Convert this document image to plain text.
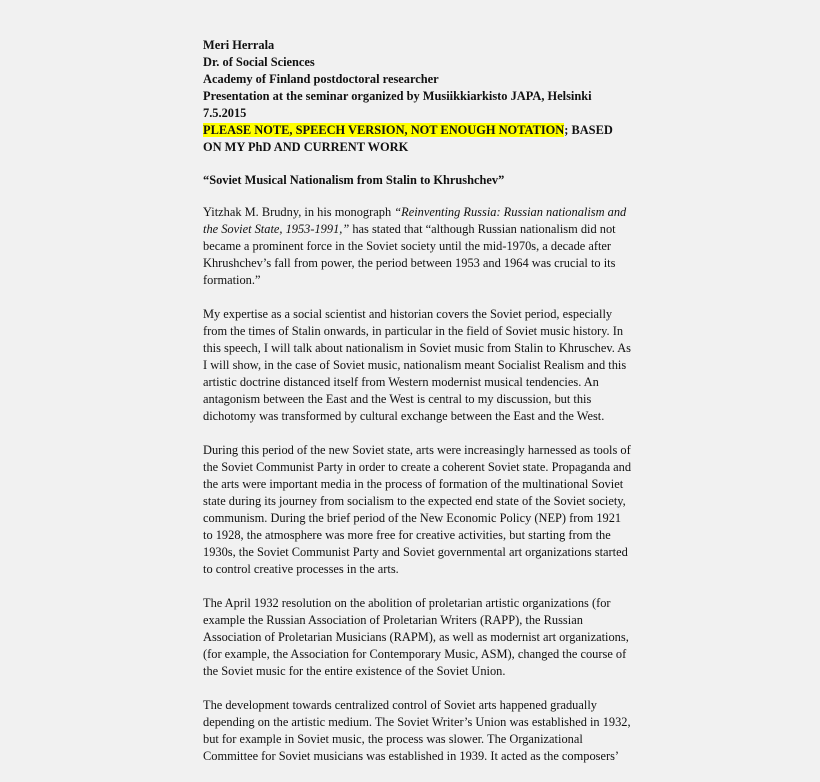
Meri Herrala
Dr. of Social Sciences
Academy of Finland postdoctoral researcher
Presentation at the seminar organized by Musiikkiarkisto JAPA, Helsinki
7.5.2015
PLEASE NOTE, SPEECH VERSION, NOT ENOUGH NOTATION; BASED
ON MY PhD AND CURRENT WORK
“Soviet Musical Nationalism from Stalin to Khrushchev”

Yitzhak M. Brudny, in his monograph “Reinventing Russia: Russian nationalism and
the Soviet State, 1953-1991,” has stated that “although Russian nationalism did not
became a prominent force in the Soviet society until the mid-1970s, a decade after
Khrushchev’s fall from power, the period between 1953 and 1964 was crucial to its
formation.”

My expertise as a social scientist and historian covers the Soviet period, especially
from the times of Stalin onwards, in particular in the field of Soviet music history. In
this speech, I will talk about nationalism in Soviet music from Stalin to Khruschev. As
I will show, in the case of Soviet music, nationalism meant Socialist Realism and this
artistic doctrine distanced itself from Western modernist musical tendencies. An
antagonism between the East and the West is central to my discussion, but this
dichotomy was transformed by cultural exchange between the East and the West.

During this period of the new Soviet state, arts were increasingly harnessed as tools of
the Soviet Communist Party in order to create a coherent Soviet state. Propaganda and
the arts were important media in the process of formation of the multinational Soviet
state during its journey from socialism to the expected end state of the Soviet society,
communism. During the brief period of the New Economic Policy (NEP) from 1921
to 1928, the atmosphere was more free for creative activities, but starting from the
1930s, the Soviet Communist Party and Soviet governmental art organizations started
to control creative processes in the arts.

The April 1932 resolution on the abolition of proletarian artistic organizations (for
example the Russian Association of Proletarian Writers (RAPP), the Russian
Association of Proletarian Musicians (RAPM), as well as modernist art organizations,
(for example, the Association for Contemporary Music, ASM), changed the course of
the Soviet music for the entire existence of the Soviet Union.

The development towards centralized control of Soviet arts happened gradually
depending on the artistic medium. The Soviet Writer’s Union was established in 1932,
but for example in Soviet music, the process was slower. The Organizational
Committee for Soviet musicians was established in 1939. It acted as the composers’
